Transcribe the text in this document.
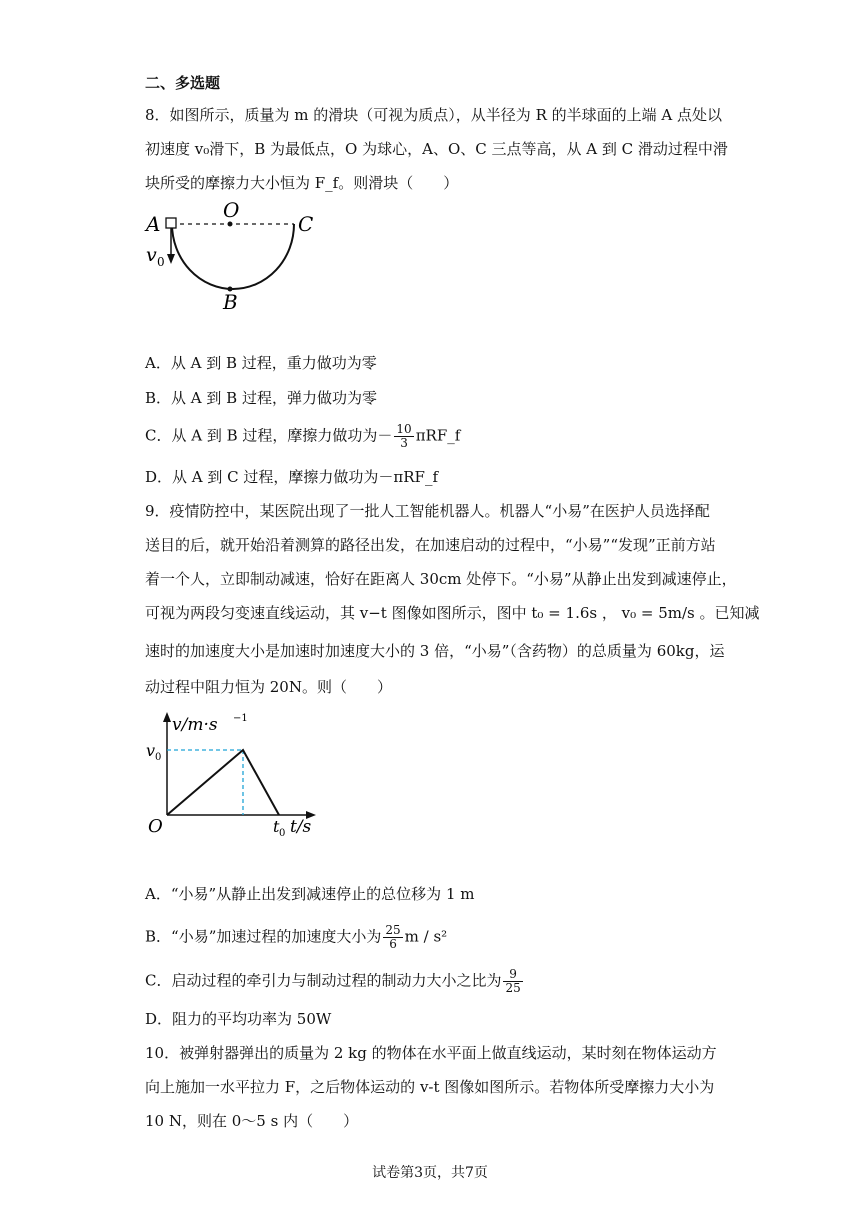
二、多选题
8．如图所示，质量为 m 的滑块（可视为质点），从半径为 R 的半球面的上端 A 点处以
初速度 v₀滑下，B 为最低点，O 为球心，A、O、C 三点等高，从 A 到 C 滑动过程中滑
块所受的摩擦力大小恒为 F_f。则滑块（　　）
A
O
C
B
v 0
A．从 A 到 B 过程，重力做功为零
B．从 A 到 B 过程，弹力做功为零
C．从 A 到 B 过程，摩擦力做功为－ $\frac{10}{3}$ πRF_f
D．从 A 到 C 过程，摩擦力做功为－πRF_f
9．疫情防控中，某医院出现了一批人工智能机器人。机器人“小易”在医护人员选择配
送目的后，就开始沿着测算的路径出发，在加速启动的过程中，“小易”“发现”正前方站
着一个人，立即制动减速，恰好在距离人 30cm 处停下。“小易”从静止出发到减速停止，
可视为两段匀变速直线运动，其 v−t 图像如图所示，图中 t₀ = 1.6s ， v₀ = 5m/s 。已知减
速时的加速度大小是加速时加速度大小的 3 倍，“小易”（含药物）的总质量为 60kg，运
动过程中阻力恒为 20N。则（　　）
v/m·s −1
v 0
O	t 0 t/s
A．“小易”从静止出发到减速停止的总位移为 1 m
B．“小易”加速过程的加速度大小为 $\frac{25}{6}$ m / s²
C．启动过程的牵引力与制动过程的制动力大小之比为 $\frac{9}{25}$
D．阻力的平均功率为 50W
10．被弹射器弹出的质量为 2 kg 的物体在水平面上做直线运动，某时刻在物体运动方
向上施加一水平拉力 F，之后物体运动的 v-t 图像如图所示。若物体所受摩擦力大小为
10 N，则在 0～5 s 内（　　）
试卷第3页，共7页
